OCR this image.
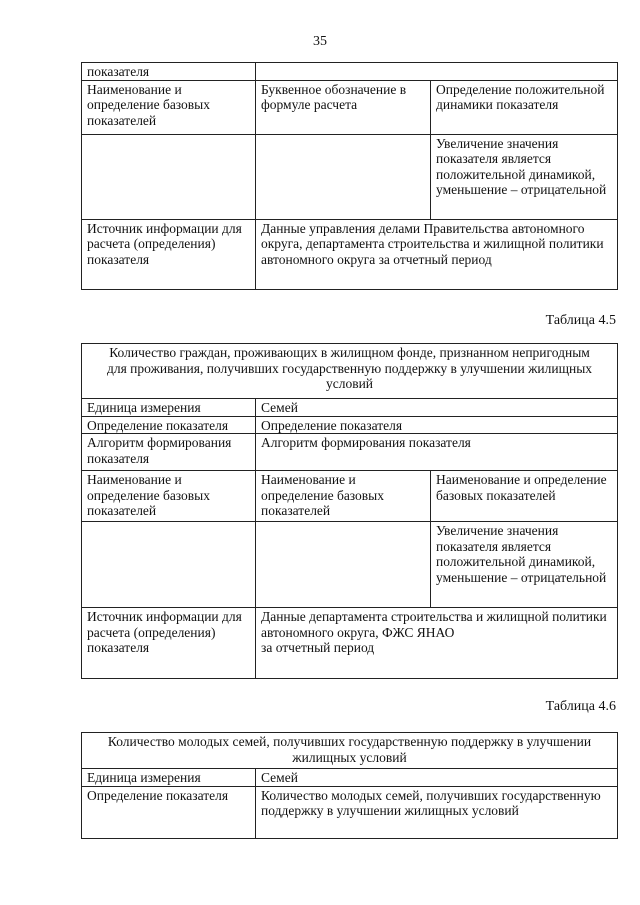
35
показателя		
Наименование и определение базовых показателей	Буквенное обозначение в формуле расчета	Определение положительной динамики показателя
		Увеличение значения показателя является положительной динамикой, уменьшение – отрицательной
Источник информации для расчета (определения) показателя	Данные управления делами Правительства автономного округа, департамента строительства и жилищной политики автономного округа за отчетный период	
Таблица 4.5
Количество граждан, проживающих в жилищном фонде, признанном непригодным для проживания, получивших государственную поддержку в улучшении жилищных условий		
Единица измерения	Семей	
Определение показателя	Определение показателя	
Алгоритм формирования показателя	Алгоритм формирования показателя	
Наименование и определение базовых показателей	Наименование и определение базовых показателей	Наименование и определение базовых показателей
		Увеличение значения показателя является положительной динамикой, уменьшение – отрицательной
Источник информации для расчета (определения) показателя	Данные департамента строительства и жилищной политики автономного округа, ФЖС ЯНАО
за отчетный период	
Таблица 4.6
Количество молодых семей, получивших государственную поддержку в улучшении жилищных условий	
Единица измерения	Семей
Определение показателя	Количество молодых семей, получивших государственную поддержку в улучшении жилищных условий
